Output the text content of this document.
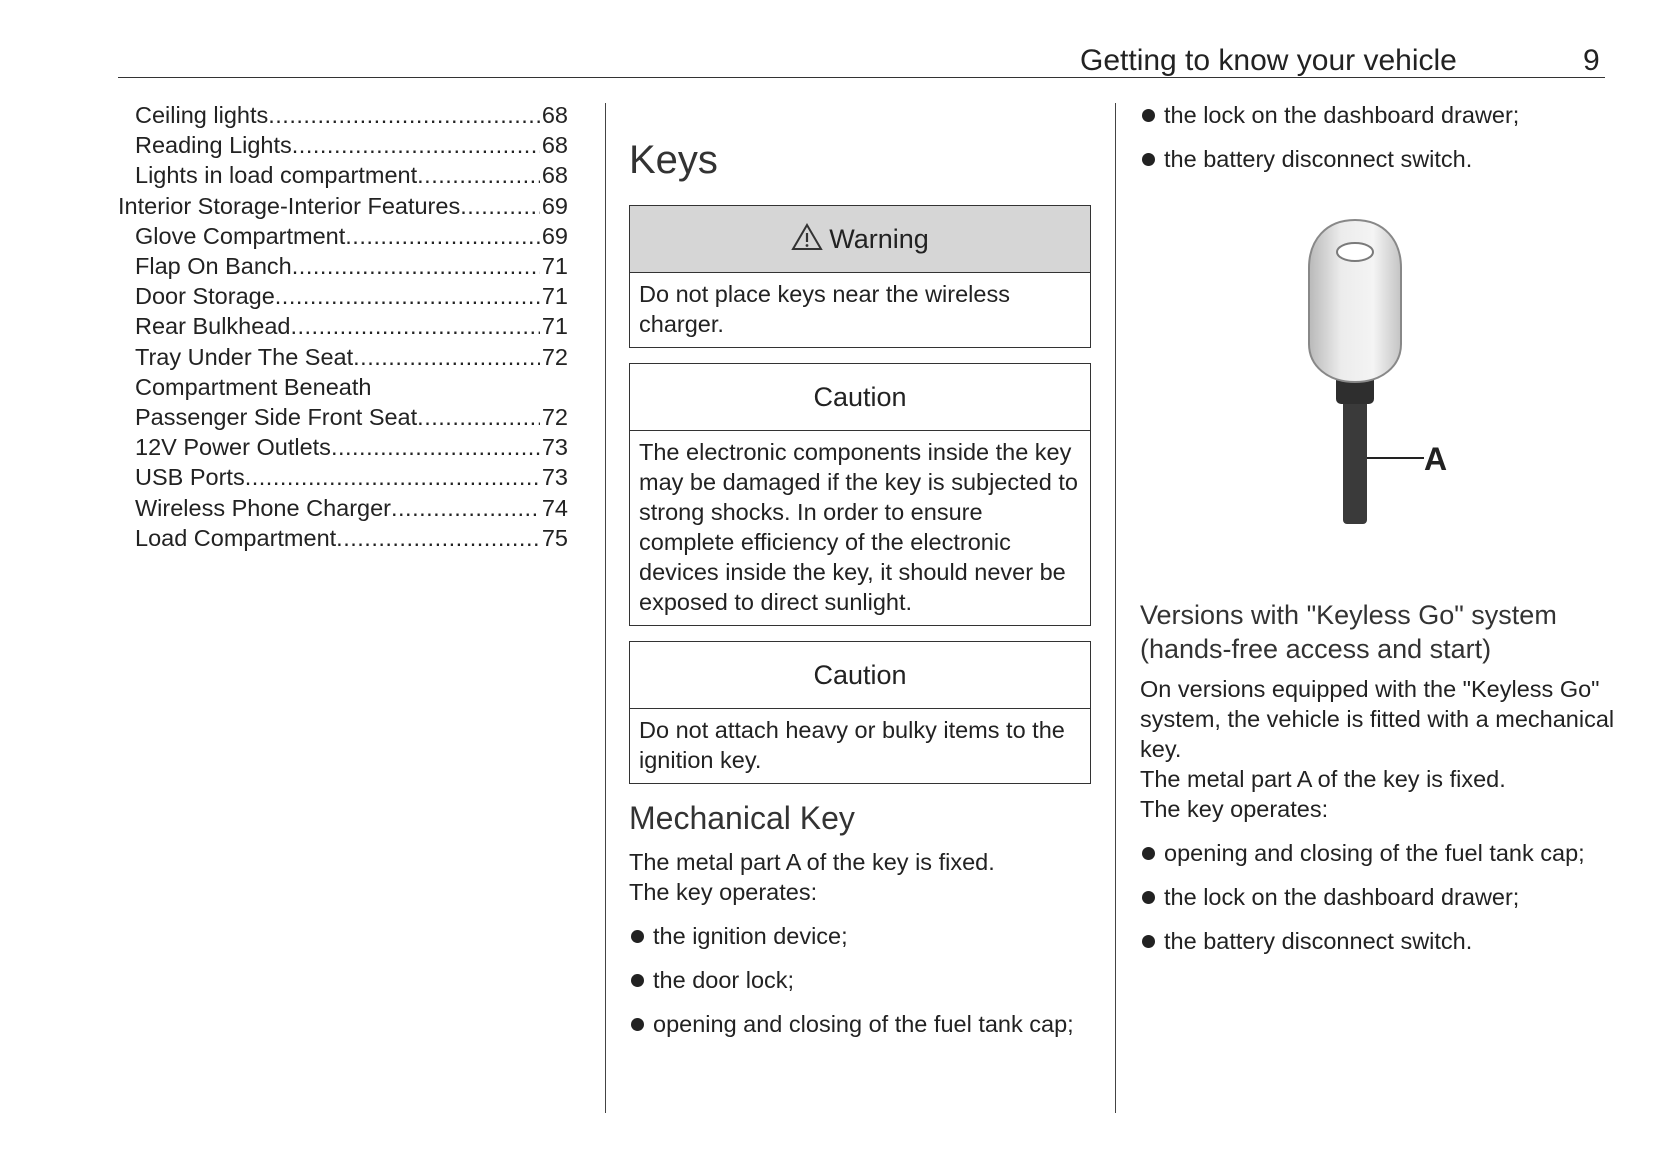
Getting to know your vehicle	9
Ceiling lights .....	68
Reading Lights .....	68
Lights in load compartment .....	68
Interior Storage-Interior Features .....	69
Glove Compartment .....	69
Flap On Banch .....	71
Door Storage .....	71
Rear Bulkhead .....	71
Tray Under The Seat .....	72
Compartment Beneath
Passenger Side Front Seat .....	72
12V Power Outlets .....	73
USB Ports .....	73
Wireless Phone Charger .....	74
Load Compartment .....	75
Keys
Warning
Do not place keys near the wireless charger.
Caution
The electronic components inside the key may be damaged if the key is subjected to strong shocks. In order to ensure complete efficiency of the electronic devices inside the key, it should never be exposed to direct sunlight.
Caution
Do not attach heavy or bulky items to the ignition key.
Mechanical Key
The metal part A of the key is fixed.
The key operates:
the ignition device;
the door lock;
opening and closing of the fuel tank cap;
the lock on the dashboard drawer;
the battery disconnect switch.
A
Versions with "Keyless Go" system (hands-free access and start)
On versions equipped with the "Keyless Go" system, the vehicle is fitted with a mechanical key.
The metal part A of the key is fixed.
The key operates:
opening and closing of the fuel tank cap;
the lock on the dashboard drawer;
the battery disconnect switch.
